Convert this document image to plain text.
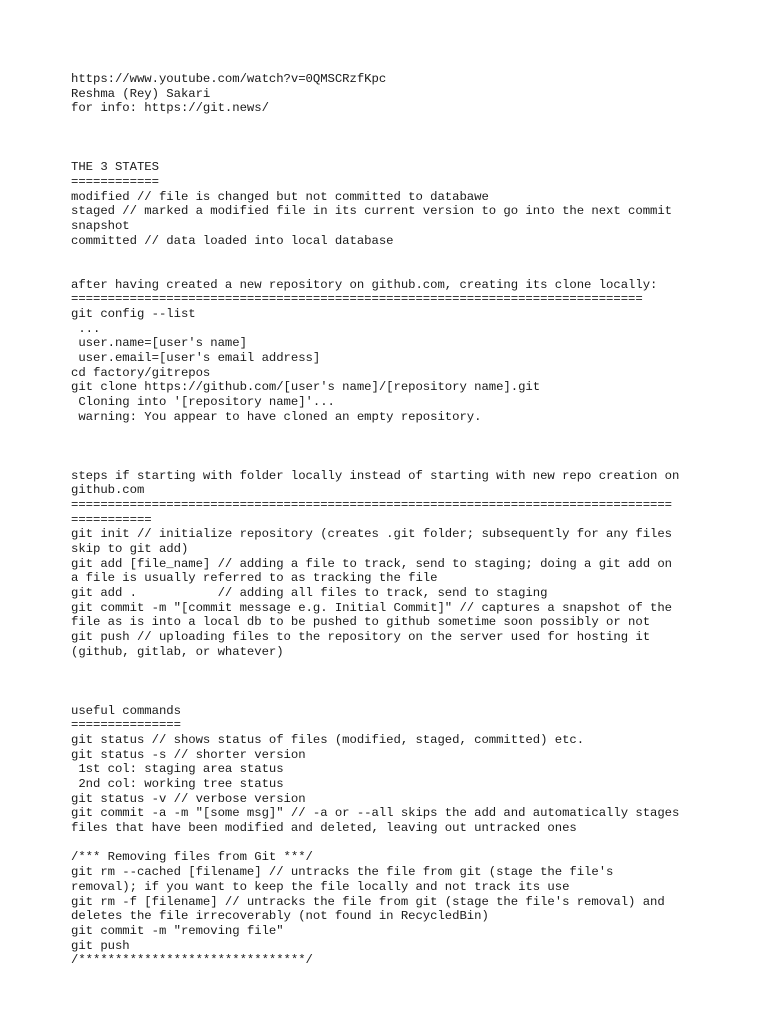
https://www.youtube.com/watch?v=0QMSCRzfKpc
Reshma (Rey) Sakari
for info: https://git.news/
THE 3 STATES
============
modified // file is changed but not committed to databawe
staged // marked a modified file in its current version to go into the next commit
snapshot
committed // data loaded into local database
after having created a new repository on github.com, creating its clone locally:
==============================================================================
git config --list
...
user.name=[user's name]
user.email=[user's email address]
cd factory/gitrepos
git clone https://github.com/[user's name]/[repository name].git
Cloning into '[repository name]'...
warning: You appear to have cloned an empty repository.
steps if starting with folder locally instead of starting with new repo creation on
github.com
==================================================================================
===========
git init // initialize repository (creates .git folder; subsequently for any files
skip to git add)
git add [file_name] // adding a file to track, send to staging; doing a git add on
a file is usually referred to as tracking the file
git add .           // adding all files to track, send to staging
git commit -m "[commit message e.g. Initial Commit]" // captures a snapshot of the
file as is into a local db to be pushed to github sometime soon possibly or not
git push // uploading files to the repository on the server used for hosting it
(github, gitlab, or whatever)
useful commands
===============
git status // shows status of files (modified, staged, committed) etc.
git status -s // shorter version
1st col: staging area status
2nd col: working tree status
git status -v // verbose version
git commit -a -m "[some msg]" // -a or --all skips the add and automatically stages
files that have been modified and deleted, leaving out untracked ones
/*** Removing files from Git ***/
git rm --cached [filename] // untracks the file from git (stage the file's
removal); if you want to keep the file locally and not track its use
git rm -f [filename] // untracks the file from git (stage the file's removal) and
deletes the file irrecoverably (not found in RecycledBin)
git commit -m "removing file"
git push
/*******************************/
